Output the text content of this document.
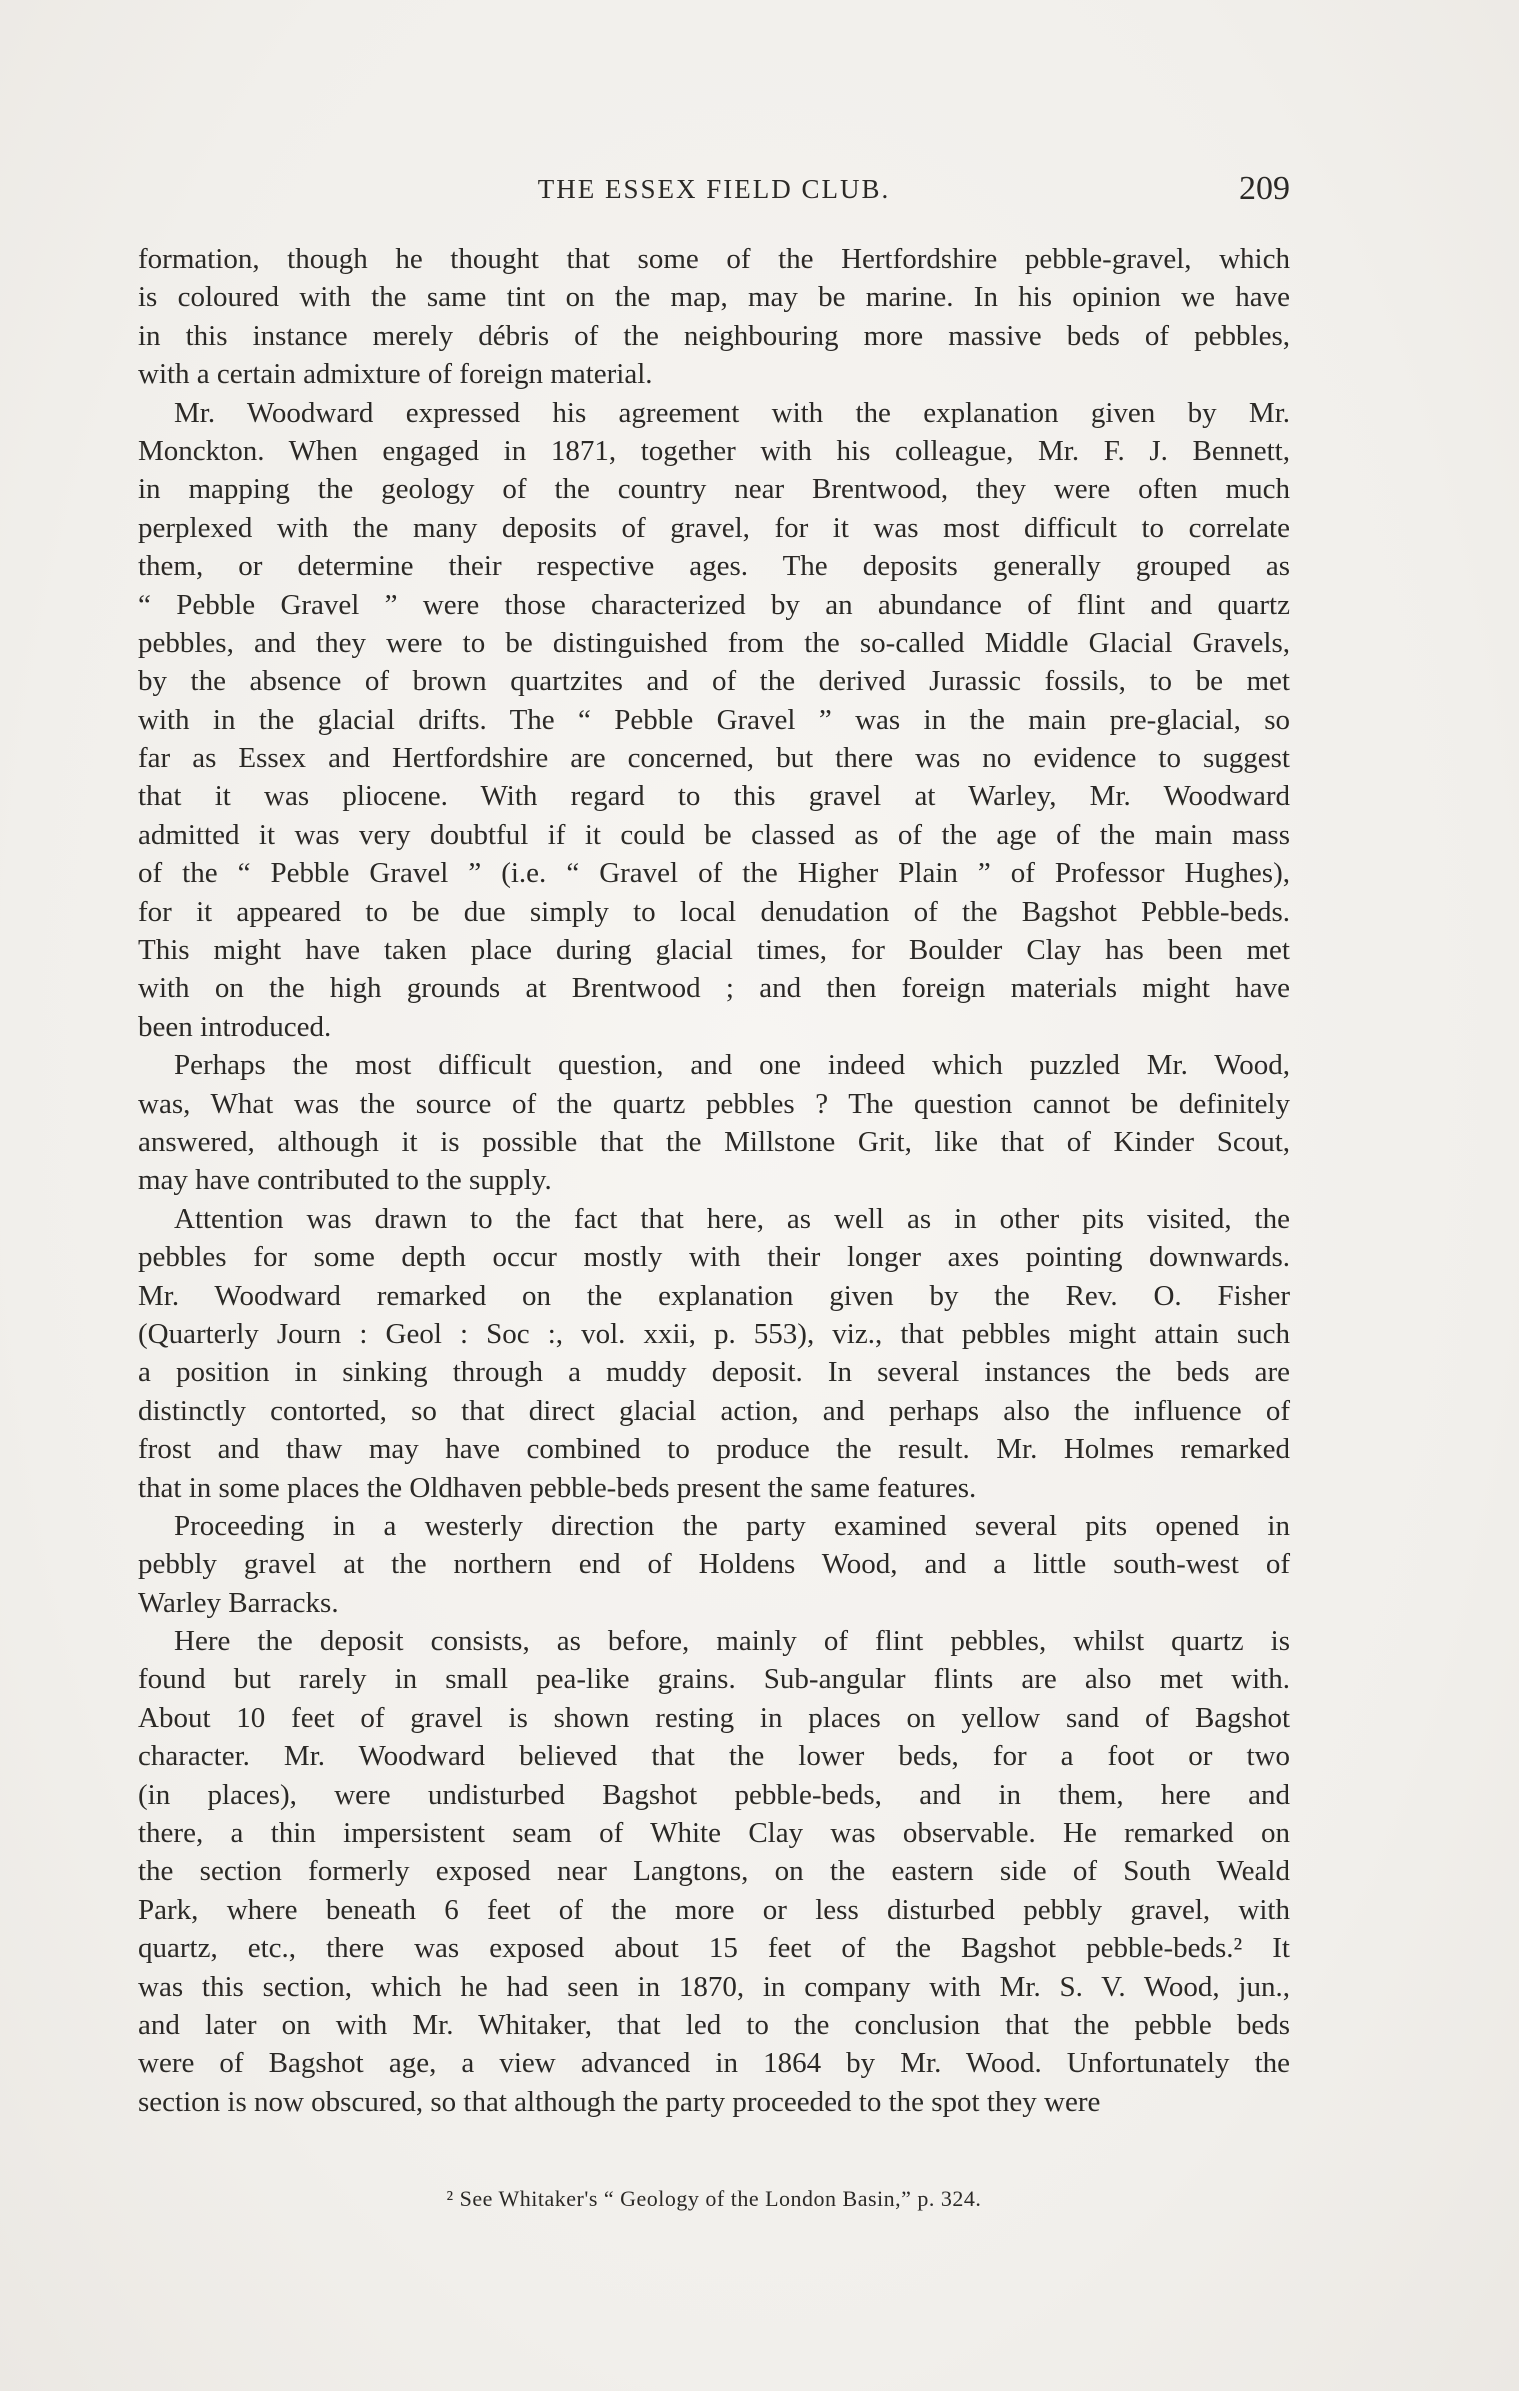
THE ESSEX FIELD CLUB.	209
formation, though he thought that some of the Hertfordshire pebble-gravel, which
is coloured with the same tint on the map, may be marine. In his opinion we have
in this instance merely débris of the neighbouring more massive beds of pebbles,
with a certain admixture of foreign material.
Mr. Woodward expressed his agreement with the explanation given by Mr.
Monckton. When engaged in 1871, together with his colleague, Mr. F. J. Bennett,
in mapping the geology of the country near Brentwood, they were often much
perplexed with the many deposits of gravel, for it was most difficult to correlate
them, or determine their respective ages. The deposits generally grouped as
“ Pebble Gravel ” were those characterized by an abundance of flint and quartz
pebbles, and they were to be distinguished from the so-called Middle Glacial Gravels,
by the absence of brown quartzites and of the derived Jurassic fossils, to be met
with in the glacial drifts. The “ Pebble Gravel ” was in the main pre-glacial, so
far as Essex and Hertfordshire are concerned, but there was no evidence to suggest
that it was pliocene. With regard to this gravel at Warley, Mr. Woodward
admitted it was very doubtful if it could be classed as of the age of the main mass
of the “ Pebble Gravel ” (i.e. “ Gravel of the Higher Plain ” of Professor Hughes),
for it appeared to be due simply to local denudation of the Bagshot Pebble-beds.
This might have taken place during glacial times, for Boulder Clay has been met
with on the high grounds at Brentwood ; and then foreign materials might have
been introduced.
Perhaps the most difficult question, and one indeed which puzzled Mr. Wood,
was, What was the source of the quartz pebbles ? The question cannot be definitely
answered, although it is possible that the Millstone Grit, like that of Kinder Scout,
may have contributed to the supply.
Attention was drawn to the fact that here, as well as in other pits visited, the
pebbles for some depth occur mostly with their longer axes pointing downwards.
Mr. Woodward remarked on the explanation given by the Rev. O. Fisher
(Quarterly Journ : Geol : Soc :, vol. xxii, p. 553), viz., that pebbles might attain such
a position in sinking through a muddy deposit. In several instances the beds are
distinctly contorted, so that direct glacial action, and perhaps also the influence of
frost and thaw may have combined to produce the result. Mr. Holmes remarked
that in some places the Oldhaven pebble-beds present the same features.
Proceeding in a westerly direction the party examined several pits opened in
pebbly gravel at the northern end of Holdens Wood, and a little south-west of
Warley Barracks.
Here the deposit consists, as before, mainly of flint pebbles, whilst quartz is
found but rarely in small pea-like grains. Sub-angular flints are also met with.
About 10 feet of gravel is shown resting in places on yellow sand of Bagshot
character. Mr. Woodward believed that the lower beds, for a foot or two
(in places), were undisturbed Bagshot pebble-beds, and in them, here and
there, a thin impersistent seam of White Clay was observable. He remarked on
the section formerly exposed near Langtons, on the eastern side of South Weald
Park, where beneath 6 feet of the more or less disturbed pebbly gravel, with
quartz, etc., there was exposed about 15 feet of the Bagshot pebble-beds.² It
was this section, which he had seen in 1870, in company with Mr. S. V. Wood, jun.,
and later on with Mr. Whitaker, that led to the conclusion that the pebble beds
were of Bagshot age, a view advanced in 1864 by Mr. Wood. Unfortunately the
section is now obscured, so that although the party proceeded to the spot they were
² See Whitaker's “ Geology of the London Basin,” p. 324.
